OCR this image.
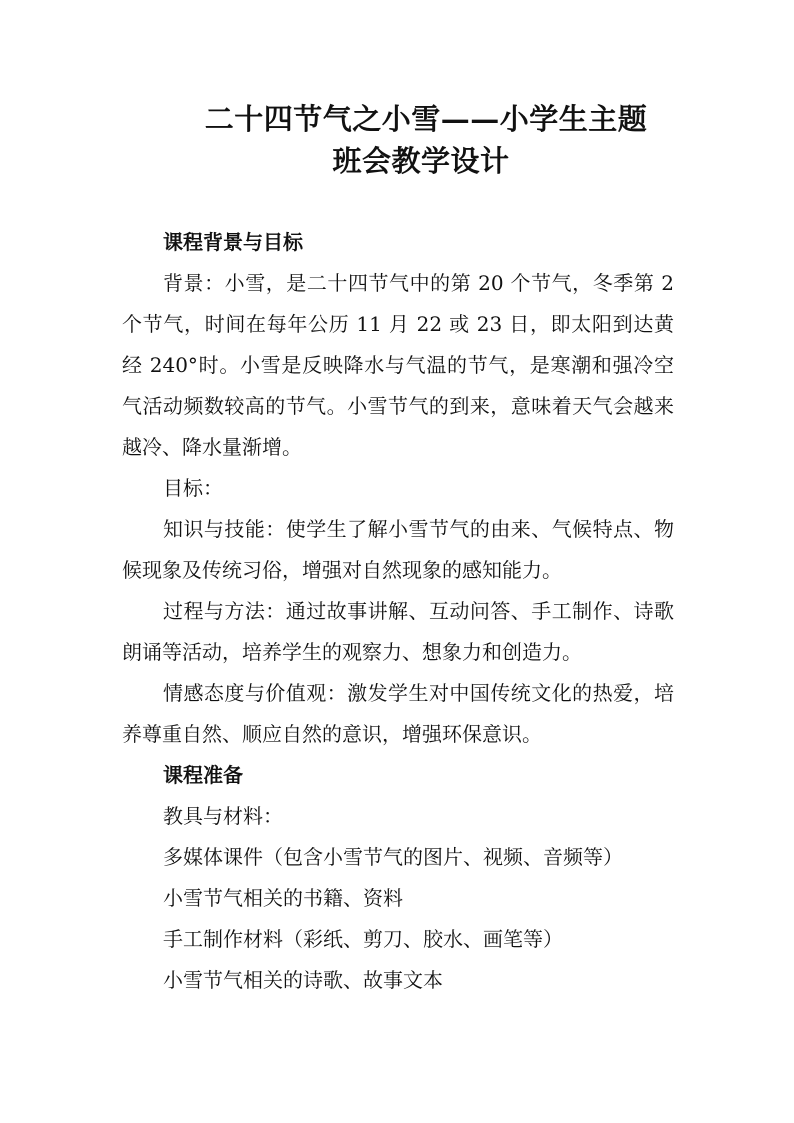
二十四节气之小雪——小学生主题
班会教学设计
课程背景与目标

背景：小雪，是二十四节气中的第 20 个节气，冬季第 2 个节气，时间在每年公历 11 月 22 或 23 日，即太阳到达黄经 240°时。小雪是反映降水与气温的节气，是寒潮和强冷空气活动频数较高的节气。小雪节气的到来，意味着天气会越来越冷、降水量渐增。

目标：

知识与技能：使学生了解小雪节气的由来、气候特点、物候现象及传统习俗，增强对自然现象的感知能力。

过程与方法：通过故事讲解、互动问答、手工制作、诗歌朗诵等活动，培养学生的观察力、想象力和创造力。

情感态度与价值观：激发学生对中国传统文化的热爱，培养尊重自然、顺应自然的意识，增强环保意识。

课程准备
教具与材料：
多媒体课件（包含小雪节气的图片、视频、音频等）
小雪节气相关的书籍、资料
手工制作材料（彩纸、剪刀、胶水、画笔等）
小雪节气相关的诗歌、故事文本
